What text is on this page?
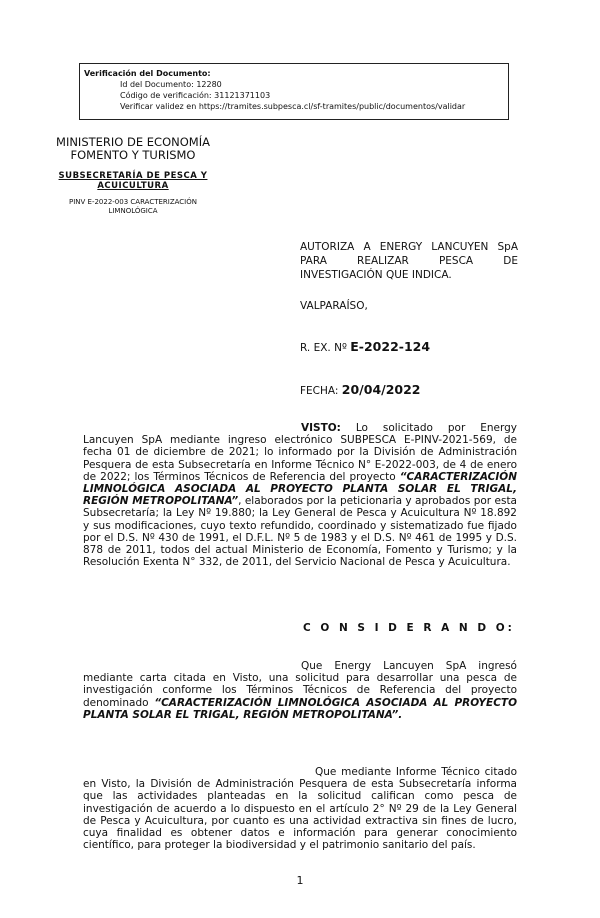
Verificación del Documento:
• Id del Documento: 12280
• Código de verificación: 31121371103
• Verificar validez en https://tramites.subpesca.cl/sf-tramites/public/documentos/validar
MINISTERIO DE ECONOMÍA
FOMENTO Y TURISMO
SUBSECRETARÍA DE PESCA Y
ACUICULTURA
PINV E-2022-003 CARACTERIZACIÓN
LIMNOLÓGICA
AUTORIZA A ENERGY LANCUYEN SpA PARA REALIZAR PESCA DE INVESTIGACIÓN QUE INDICA.
VALPARAÍSO,
R. EX. Nº E-2022-124
FECHA: 20/04/2022

VISTO: Lo solicitado por Energy Lancuyen SpA mediante ingreso electrónico SUBPESCA E-PINV-2021-569, de fecha 01 de diciembre de 2021; lo informado por la División de Administración Pesquera de esta Subsecretaría en Informe Técnico N° E-2022-003, de 4 de enero de 2022; los Términos Técnicos de Referencia del proyecto “CARACTERIZACIÓN LIMNOLÓGICA ASOCIADA AL PROYECTO PLANTA SOLAR EL TRIGAL, REGIÓN METROPOLITANA”, elaborados por la peticionaria y aprobados por esta Subsecretaría; la Ley Nº 19.880; la Ley General de Pesca y Acuicultura Nº 18.892 y sus modificaciones, cuyo texto refundido, coordinado y sistematizado fue fijado por el D.S. Nº 430 de 1991, el D.F.L. Nº 5 de 1983 y el D.S. Nº 461 de 1995 y D.S. 878 de 2011, todos del actual Ministerio de Economía, Fomento y Turismo; y la Resolución Exenta N° 332, de 2011, del Servicio Nacional de Pesca y Acuicultura.

C O N S I D E R A N D O:

Que Energy Lancuyen SpA ingresó mediante carta citada en Visto, una solicitud para desarrollar una pesca de investigación conforme los Términos Técnicos de Referencia del proyecto denominado “CARACTERIZACIÓN LIMNOLÓGICA ASOCIADA AL PROYECTO PLANTA SOLAR EL TRIGAL, REGIÓN METROPOLITANA”.

Que mediante Informe Técnico citado en Visto, la División de Administración Pesquera de esta Subsecretaría informa que las actividades planteadas en la solicitud califican como pesca de investigación de acuerdo a lo dispuesto en el artículo 2° Nº 29 de la Ley General de Pesca y Acuicultura, por cuanto es una actividad extractiva sin fines de lucro, cuya finalidad es obtener datos e información para generar conocimiento científico, para proteger la biodiversidad y el patrimonio sanitario del país.

1
